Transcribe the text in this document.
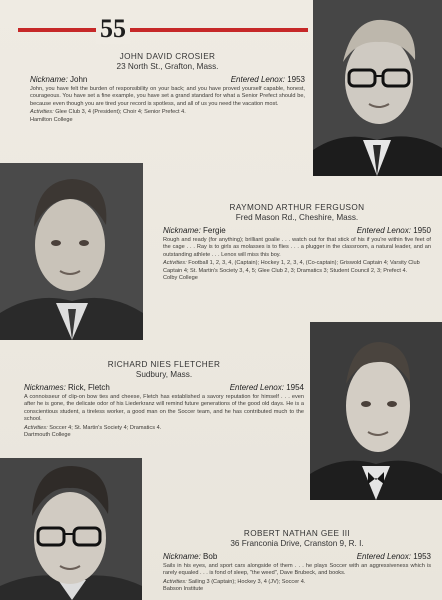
55
JOHN DAVID CROSIER
23 North St., Grafton, Mass.
Nickname: John	Entered Lenox: 1953
John, you have felt the burden of responsibility on your back; and you have proved yourself capable, honest, courageous. You have set a fine example, you have set a grand standard for what a Senior Prefect should be, because even though you are tired your record is spotless, and all of us you need the vacation most.
Activities: Glee Club 3, 4 (President); Choir 4; Senior Prefect 4.
Hamilton College
RAYMOND ARTHUR FERGUSON
Fred Mason Rd., Cheshire, Mass.
Nickname: Fergie	Entered Lenox: 1950
Rough and ready (for anything); brilliant goalie . . . watch out for that stick of his if you're within five feet of the cage . . . Ray is to girls as molasses is to flies . . . a plugger in the classroom, a natural leader, and an outstanding athlete . . . Lenox will miss this boy.
Activities: Football 1, 2, 3, 4, (Captain); Hockey 1, 2, 3, 4, (Co-captain); Griswold Captain 4; Varsity Club Captain 4; St. Martin's Society 3, 4, 5; Glee Club 2, 3; Dramatics 3; Student Council 2, 3; Prefect 4.
Colby College
RICHARD NIES FLETCHER
Sudbury, Mass.
Nicknames: Rick, Fletch	Entered Lenox: 1954
A connoisseur of clip-on bow ties and cheese, Fletch has established a savory reputation for himself . . . even after he is gone, the delicate odor of his Liederkranz will remind future generations of the good old days. He is a conscientious student, a tireless worker, a good man on the Soccer team, and he has contributed much to the school.
Activities: Soccer 4; St. Martin's Society 4; Dramatics 4.
Dartmouth College
ROBERT NATHAN GEE III
36 Franconia Drive, Cranston 9, R. I.
Nickname: Bob	Entered Lenox: 1953
Sails in his eyes, and sport cars alongside of them . . . he plays Soccer with an aggressiveness which is rarely equaled . . . is fond of sleep, "the weed", Dave Brubeck, and books.
Activities: Sailing 3 (Captain); Hockey 3, 4 (JV); Soccer 4.
Babson Institute
